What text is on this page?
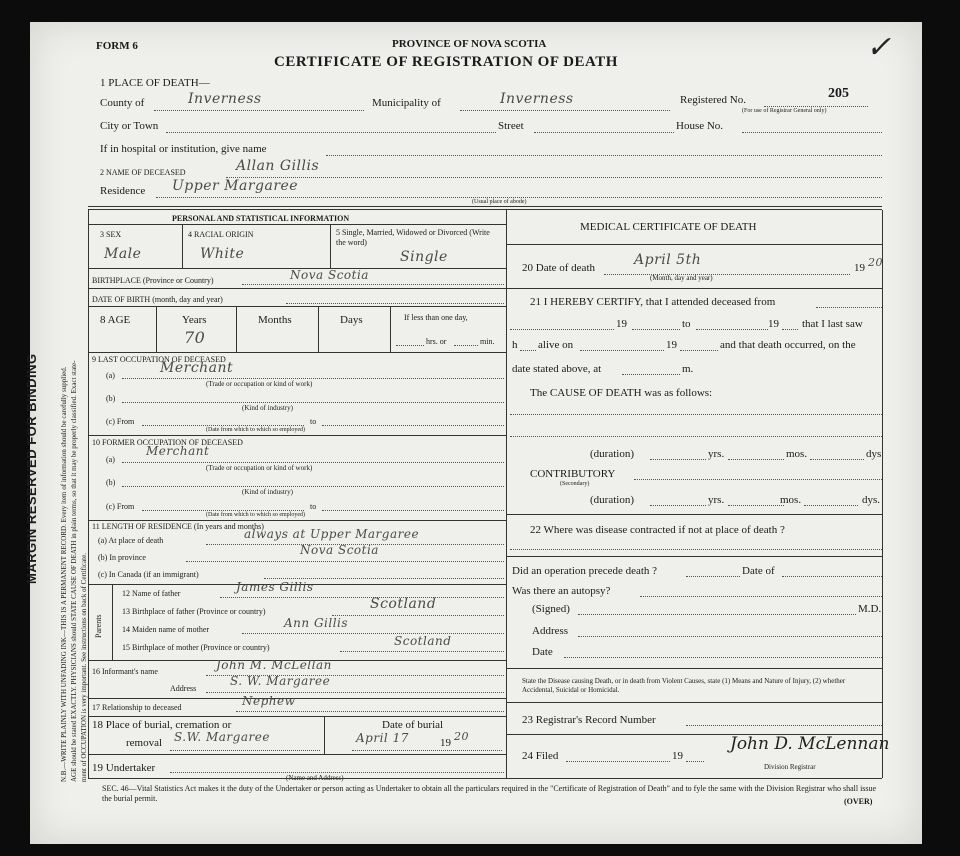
MARGIN RESERVED FOR BINDING	N.B.—WRITE PLAINLY WITH UNFADING INK—THIS IS A PERMANENT RECORD. Every item of information should be carefully supplied. AGE should be stated EXACTLY. PHYSICIANS should STATE CAUSE OF DEATH in plain terms, so that it may be properly classified. Exact state- ment of OCCUPATION is very important. See instructions on back of Certificate.
FORM 6	PROVINCE OF NOVA SCOTIA
CERTIFICATE OF REGISTRATION OF DEATH	✓
1 PLACE OF DEATH—
County of	Inverness	Municipality of	Inverness	Registered No.	205
(For use of Registrar General only)
City or Town	Street	House No.
If in hospital or institution, give name
2 NAME OF DECEASED	Allan Gillis
Residence Upper Margaree
(Usual place of abode)
PERSONAL AND STATISTICAL INFORMATION
3 SEX
Male
4 RACIAL ORIGIN
White
5 Single, Married, Widowed or Divorced (Write the word)
Single
BIRTHPLACE (Province or Country)	Nova Scotia
DATE OF BIRTH (month, day and year)
8 AGE	Years
70
Months	Days	If less than one day,
hrs. or	min.
9 LAST OCCUPATION OF DECEASED
(a)	Merchant
(Trade or occupation or kind of work)
(b)
(Kind of industry)
(c) From	to
(Date from which to which so employed)
10 FORMER OCCUPATION OF DECEASED
(a)
Merchant
(Trade or occupation or kind of work)
(b)
(Kind of industry)
(c) From	to
(Date from which to which so employed)
11 LENGTH OF RESIDENCE (In years and months)
(a) At place of death	always at Upper Margaree
(b) In province
Nova Scotia
(c) In Canada (if an immigrant)
Parents
12 Name of father	James Gillis
13 Birthplace of father (Province or country)	Scotland
14 Maiden name of mother	Ann Gillis
15 Birthplace of mother (Province or country)	Scotland
16 Informant's name	John M. McLellan
Address
S. W. Margaree
17 Relationship to deceased	Nephew
18 Place of burial, cremation or
removal S.W. Margaree
Date of burial
April 17	19 20
19 Undertaker
(Name and Address)
MEDICAL CERTIFICATE OF DEATH
20 Date of death	April 5th	19 20
(Month, day and year)
21 I HEREBY CERTIFY, that I attended deceased from
19	to	19 that I last saw
h alive on	19	and that death occurred, on the
date stated above, at	m.
The CAUSE OF DEATH was as follows:
(duration)	yrs.	mos.	dys
CONTRIBUTORY
(Secondary)
(duration)	yrs.	mos.	dys.
22 Where was disease contracted if not at place of death ?
Did an operation precede death ?	Date of
Was there an autopsy?
(Signed)	M.D.
Address
Date
State the Disease causing Death, or in death from Violent Causes, state (1) Means and Nature of Injury, (2) whether Accidental, Suicidal or Homicidal.
23 Registrar's Record Number
24 Filed	19
John D. McLennan
Division Registrar
SEC. 46—Vital Statistics Act makes it the duty of the Undertaker or person acting as Undertaker to obtain all the particulars required in the "Certificate of Registration of Death" and to fyle the same with the Division Registrar who shall issue the burial permit.	(OVER)
